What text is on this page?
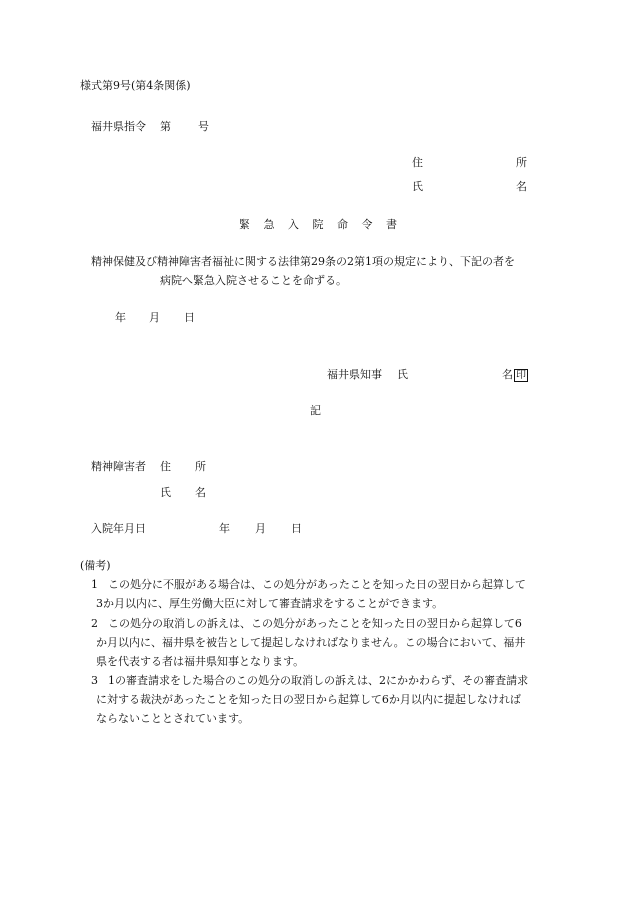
様式第9号(第4条関係)
福井県指令 第 号
住	所
氏	名
緊 急 入 院 命 令 書
精神保健及び精神障害者福祉に関する法律第29条の2第1項の規定により、下記の者を
病院へ緊急入院させることを命ずる。
年 月 日
福井県知事 氏	名 印
記
精神障害者 住 所
氏 名
入院年月日	年 月 日
(備考)
1 この処分に不服がある場合は、この処分があったことを知った日の翌日から起算して
3か月以内に、厚生労働大臣に対して審査請求をすることができます。
2 この処分の取消しの訴えは、この処分があったことを知った日の翌日から起算して6
か月以内に、福井県を被告として提起しなければなりません。この場合において、福井
県を代表する者は福井県知事となります。
3 1の審査請求をした場合のこの処分の取消しの訴えは、2にかかわらず、その審査請求
に対する裁決があったことを知った日の翌日から起算して6か月以内に提起しなければ
ならないこととされています。
